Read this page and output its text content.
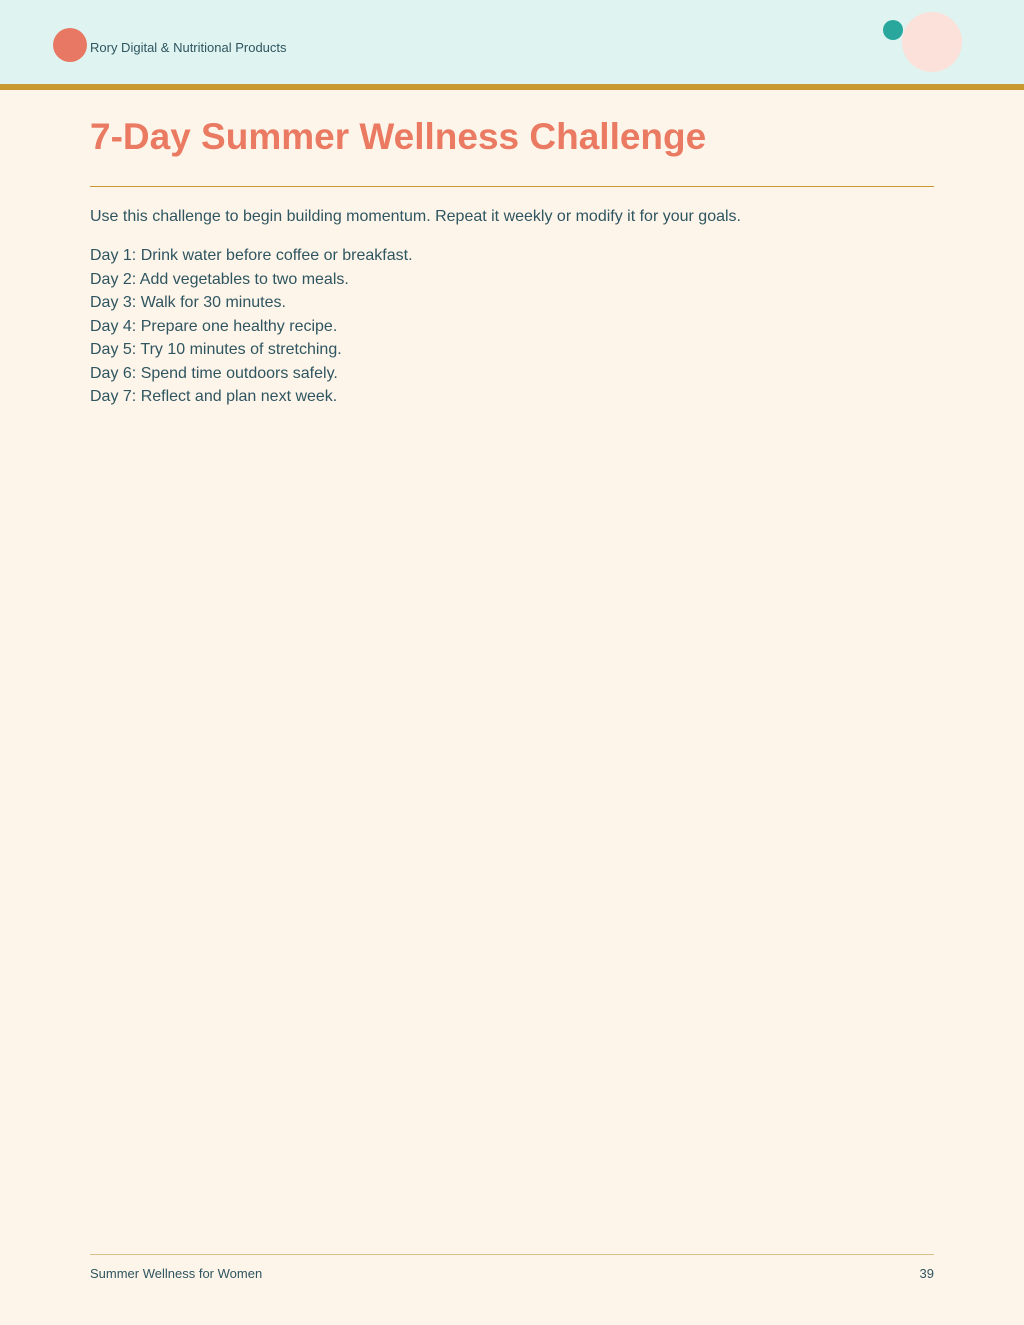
Rory Digital & Nutritional Products
7-Day Summer Wellness Challenge

Use this challenge to begin building momentum. Repeat it weekly or modify it for your goals.

Day 1: Drink water before coffee or breakfast.
Day 2: Add vegetables to two meals.
Day 3: Walk for 30 minutes.
Day 4: Prepare one healthy recipe.
Day 5: Try 10 minutes of stretching.
Day 6: Spend time outdoors safely.
Day 7: Reflect and plan next week.
Summer Wellness for Women	39
